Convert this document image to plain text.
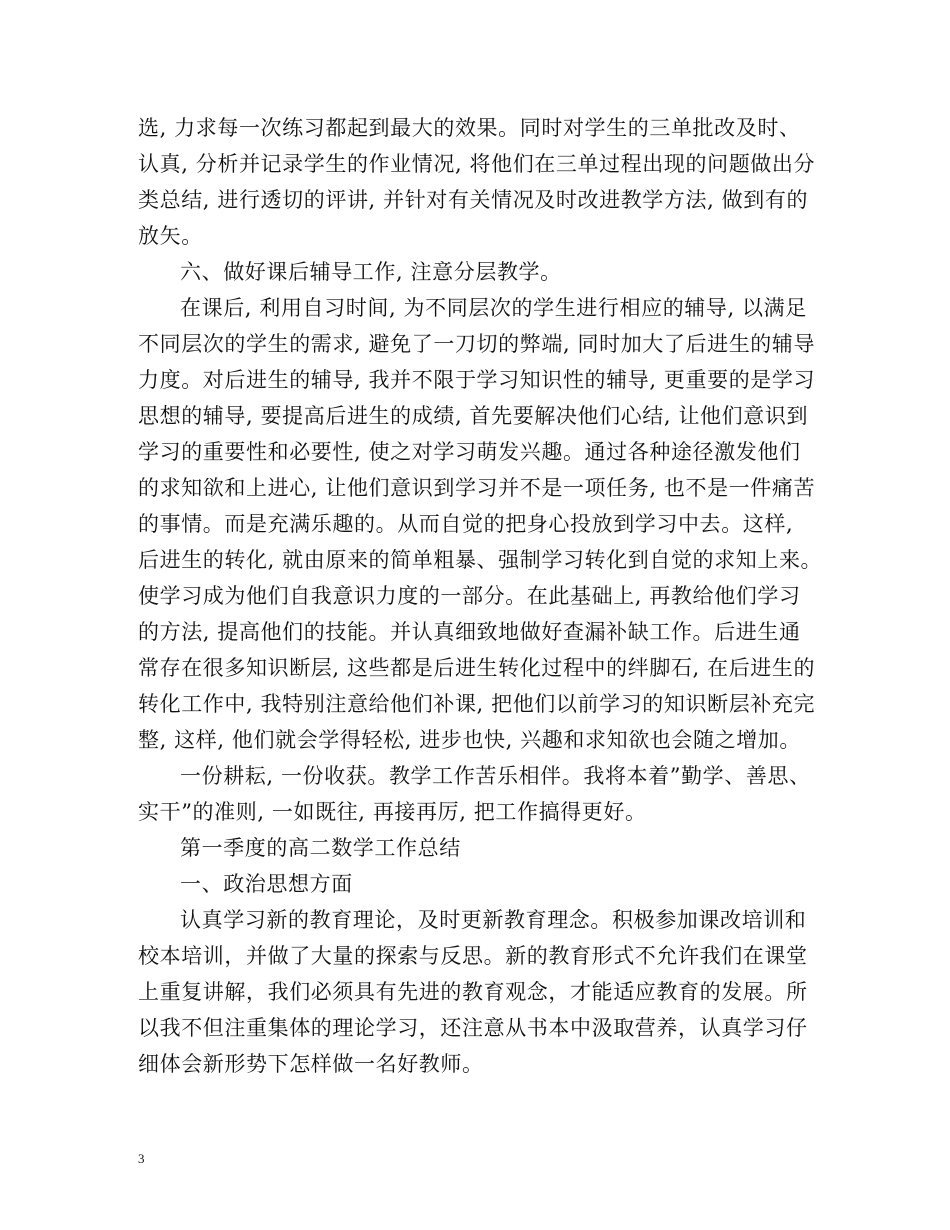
选, 力求每一次练习都起到最大的效果。同时对学生的三单批改及时、
认真, 分析并记录学生的作业情况, 将他们在三单过程出现的问题做出分
类总结, 进行透切的评讲, 并针对有关情况及时改进教学方法, 做到有的
放矢。
六、做好课后辅导工作, 注意分层教学。
在课后, 利用自习时间, 为不同层次的学生进行相应的辅导, 以满足
不同层次的学生的需求, 避免了一刀切的弊端, 同时加大了后进生的辅导
力度。对后进生的辅导, 我并不限于学习知识性的辅导, 更重要的是学习
思想的辅导, 要提高后进生的成绩, 首先要解决他们心结, 让他们意识到
学习的重要性和必要性, 使之对学习萌发兴趣。通过各种途径激发他们
的求知欲和上进心, 让他们意识到学习并不是一项任务, 也不是一件痛苦
的事情。而是充满乐趣的。从而自觉的把身心投放到学习中去。这样,
后进生的转化, 就由原来的简单粗暴、强制学习转化到自觉的求知上来。
使学习成为他们自我意识力度的一部分。在此基础上, 再教给他们学习
的方法, 提高他们的技能。并认真细致地做好查漏补缺工作。后进生通
常存在很多知识断层, 这些都是后进生转化过程中的绊脚石, 在后进生的
转化工作中, 我特别注意给他们补课, 把他们以前学习的知识断层补充完
整, 这样, 他们就会学得轻松, 进步也快, 兴趣和求知欲也会随之增加。
一份耕耘, 一份收获。教学工作苦乐相伴。我将本着”勤学、善思、
实干”的准则, 一如既往, 再接再厉, 把工作搞得更好。
第一季度的高二数学工作总结
一、政治思想方面
认真学习新的教育理论，及时更新教育理念。积极参加课改培训和
校本培训，并做了大量的探索与反思。新的教育形式不允许我们在课堂
上重复讲解，我们必须具有先进的教育观念，才能适应教育的发展。所
以我不但注重集体的理论学习，还注意从书本中汲取营养，认真学习仔
细体会新形势下怎样做一名好教师。
3
